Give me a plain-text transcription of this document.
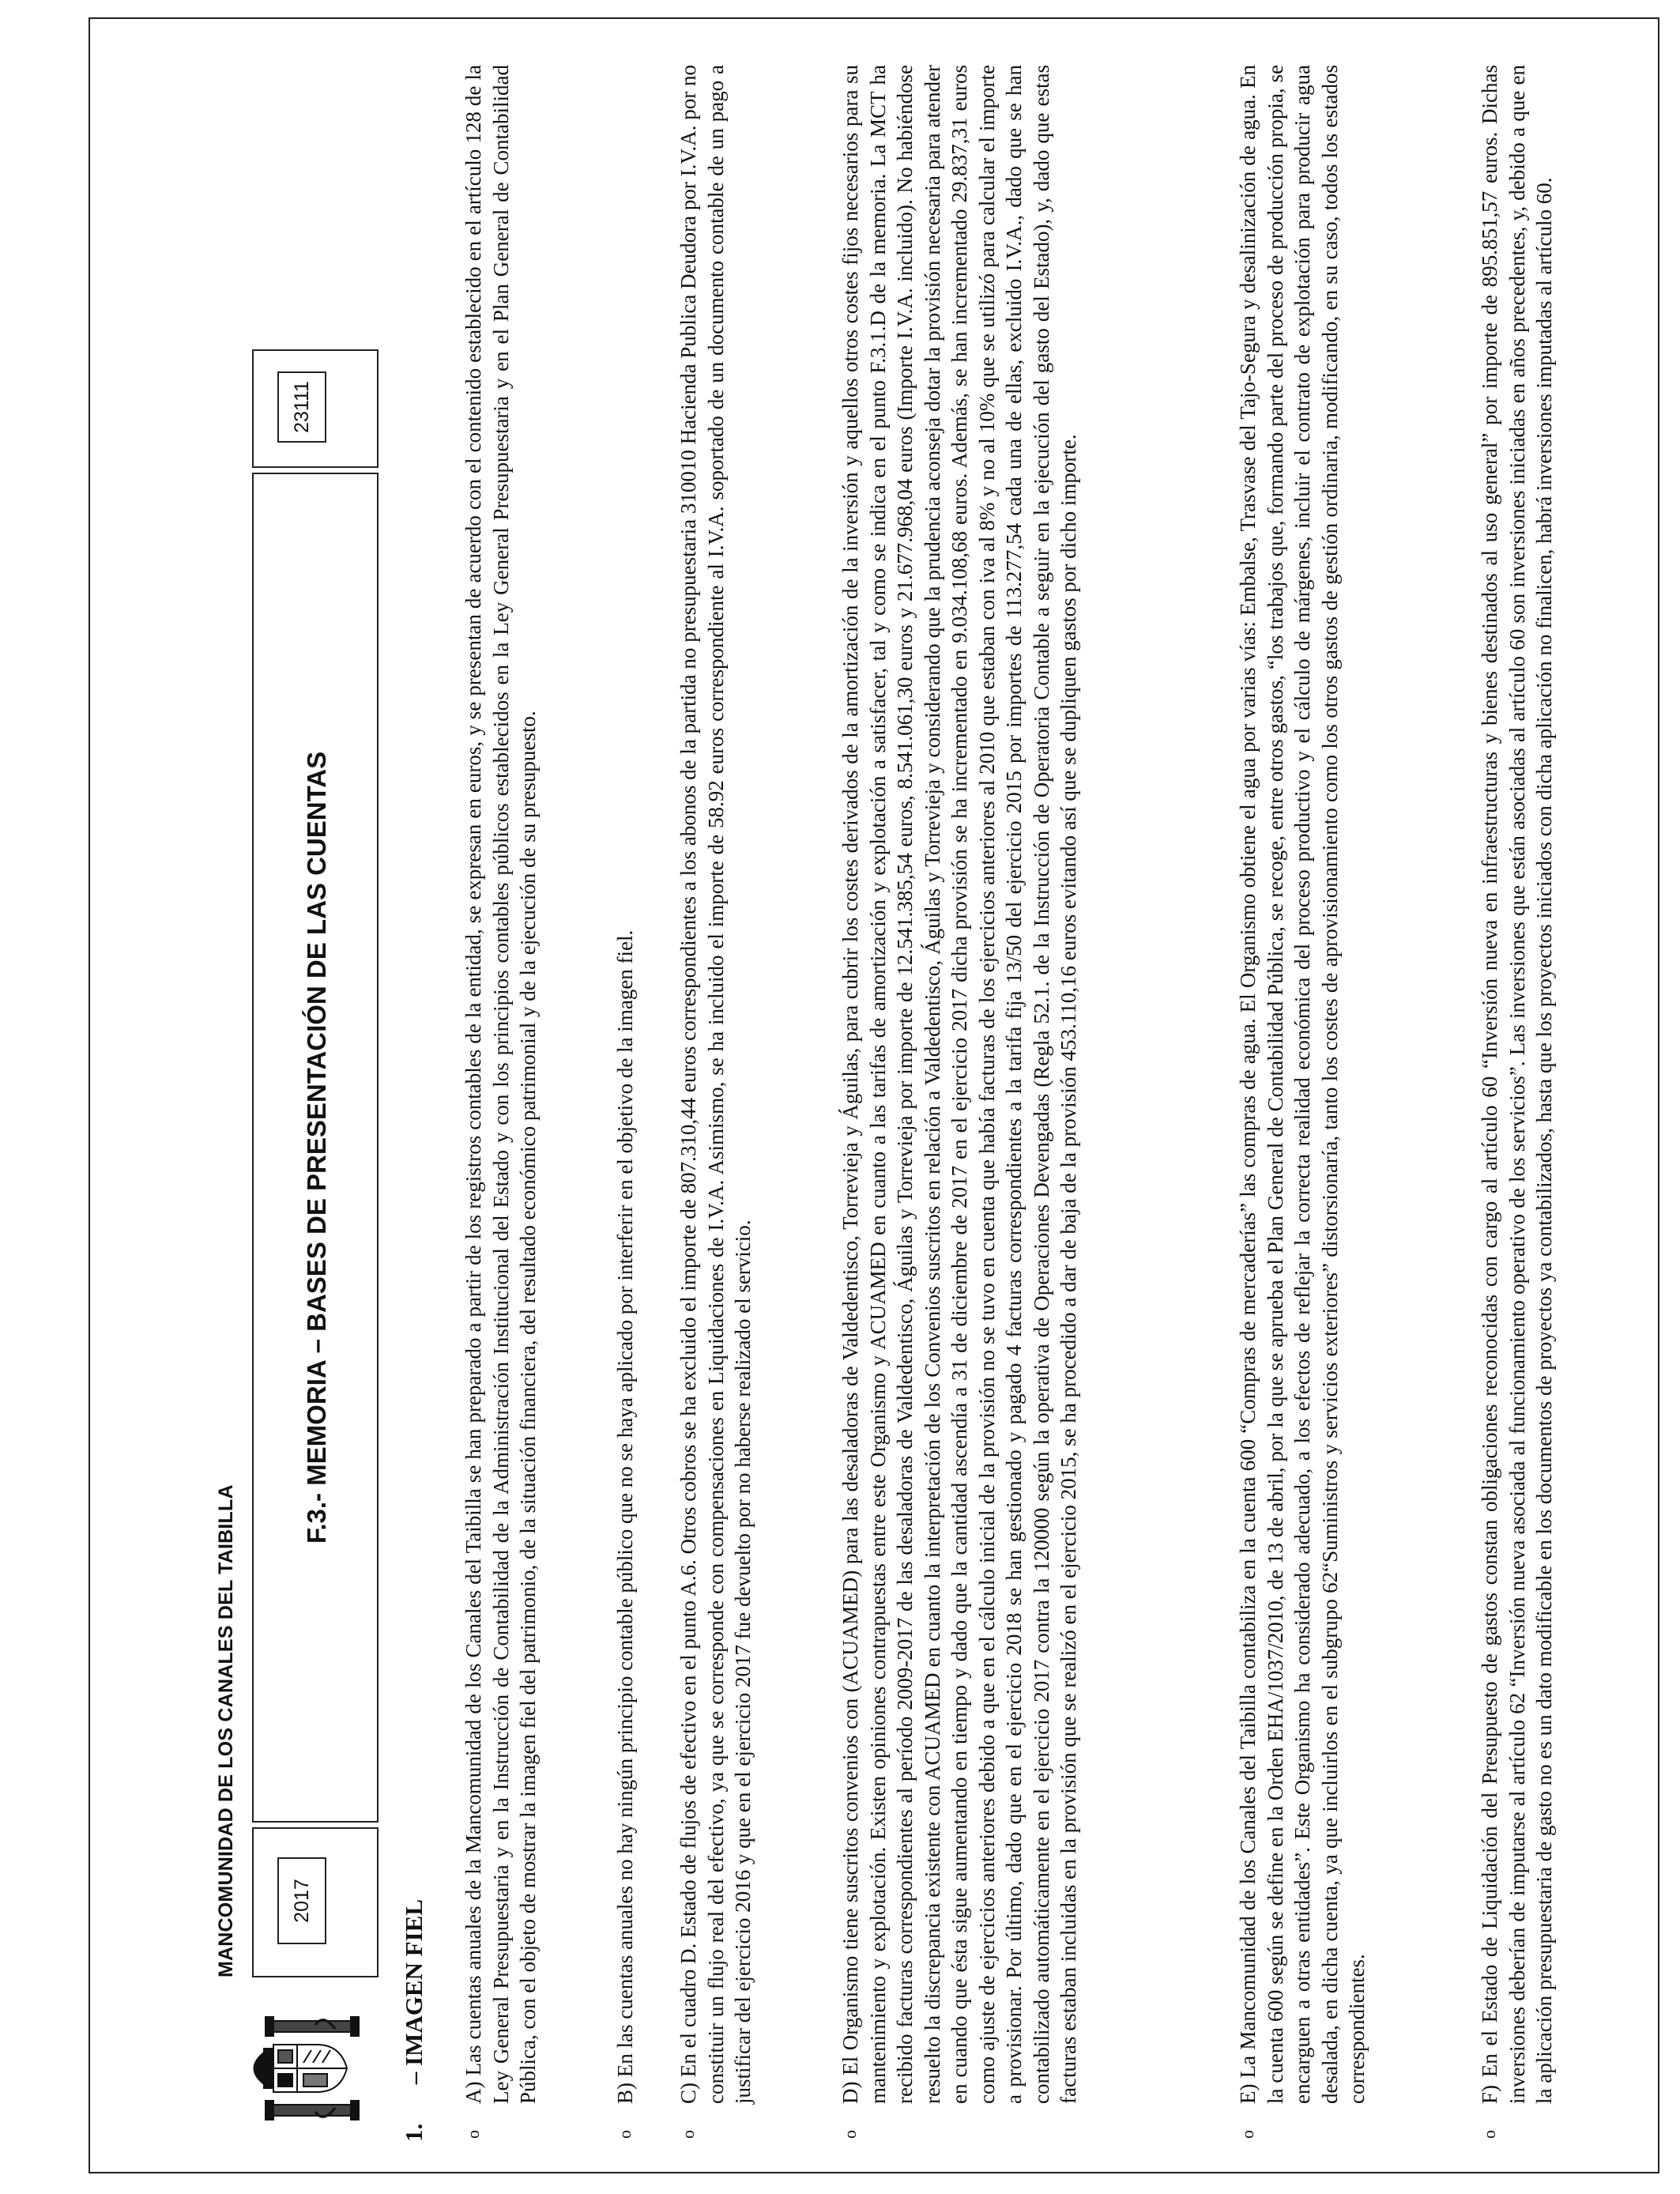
MANCOMUNIDAD DE LOS CANALES DEL TAIBILLA	2017
F.3.- MEMORIA – BASES DE PRESENTACIÓN DE LAS CUENTAS
23111
1.  – IMAGEN FIEL
o
A) Las cuentas anuales de la Mancomunidad de los Canales del Taibilla se han preparado a partir de los registros contables de la entidad, se expresan en euros, y se presentan de acuerdo con el contenido establecido en el artículo 128 de la Ley General Presupuestaria y en la Instrucción de Contabilidad de la Administración Institucional del Estado y con los principios contables públicos establecidos en la Ley General Presupuestaria y en el Plan General de Contabilidad Pública, con el objeto de mostrar la imagen fiel del patrimonio, de la situación financiera, del resultado económico patrimonial y de la ejecución de su presupuesto.
o
B) En las cuentas anuales no hay ningún principio contable público que no se haya aplicado por interferir en el objetivo de la imagen fiel.
o
C) En el cuadro D. Estado de flujos de efectivo en el punto A.6. Otros cobros se ha excluido el importe de 807.310,44 euros correspondientes a los abonos de la partida no presupuestaria 310010 Hacienda Publica Deudora por I.V.A. por no constituir un flujo real del efectivo, ya que se corresponde con compensaciones en Liquidaciones de I.V.A. Asimismo, se ha incluido el importe de 58.92 euros correspondiente al I.V.A. soportado de un documento contable de un pago a justificar del ejercicio 2016 y que en el ejercicio 2017 fue devuelto por no haberse realizado el servicio.
o
D) El Organismo tiene suscritos convenios con (ACUAMED) para las desaladoras de Valdedentisco, Torrevieja y Águilas, para cubrir los costes derivados de la amortización de la inversión y aquellos otros costes fijos necesarios para su mantenimiento y explotación. Existen opiniones contrapuestas entre este Organismo y ACUAMED en cuanto a las tarifas de amortización y explotación a satisfacer, tal y como se indica en el punto F.3.1.D de la memoria. La MCT ha recibido facturas correspondientes al período 2009-2017 de las desaladoras de Valdedentisco, Águilas y Torrevieja por importe de 12.541.385,54 euros, 8.541.061,30 euros y 21.677.968,04 euros (Importe I.V.A. incluido). No habiéndose resuelto la discrepancia existente con ACUAMED en cuanto la interpretación de los Convenios suscritos en relación a Valdedentisco, Águilas y Torrevieja y considerando que la prudencia aconseja dotar la provisión necesaria para atender en cuando que ésta sigue aumentando en tiempo y dado que la cantidad ascendía a 31 de diciembre de 2017 en el ejercicio 2017 dicha provisión se ha incrementado en 9.034.108,68 euros. Además, se han incrementado 29.837,31 euros como ajuste de ejercicios anteriores debido a que en el cálculo inicial de la provisión no se tuvo en cuenta que había facturas de los ejercicios anteriores al 2010 que estaban con iva al 8% y no al 10% que se utilizó para calcular el importe a provisionar. Por último, dado que en el ejercicio 2018 se han gestionado y pagado 4 facturas correspondientes a la tarifa fija 13/50 del ejercicio 2015 por importes de 113.277,54 cada una de ellas, excluido I.V.A., dado que se han contabilizado automáticamente en el ejercicio 2017 contra la 120000 según la operativa de Operaciones Devengadas (Regla 52.1. de la Instrucción de Operatoria Contable a seguir en la ejecución del gasto del Estado), y, dado que estas facturas estaban incluidas en la provisión que se realizó en el ejercicio 2015, se ha procedido a dar de baja de la provisión 453.110,16 euros evitando así que se dupliquen gastos por dicho importe.
o
E) La Mancomunidad de los Canales del Taibilla contabiliza en la cuenta 600 “Compras de mercaderías” las compras de agua. El Organismo obtiene el agua por varias vías: Embalse, Trasvase del Tajo-Segura y desalinización de agua. En la cuenta 600 según se define en la Orden EHA/1037/2010, de 13 de abril, por la que se aprueba el Plan General de Contabilidad Pública, se recoge, entre otros gastos, “los trabajos que, formando parte del proceso de producción propia, se encarguen a otras entidades”. Este Organismo ha considerado adecuado, a los efectos de reflejar la correcta realidad económica del proceso productivo y el cálculo de márgenes, incluir el contrato de explotación para producir agua desalada, en dicha cuenta, ya que incluirlos en el subgrupo 62“Suministros y servicios exteriores” distorsionaría, tanto los costes de aprovisionamiento como los otros gastos de gestión ordinaria, modificando, en su caso, todos los estados correspondientes.
o
F) En el Estado de Liquidación del Presupuesto de gastos constan obligaciones reconocidas con cargo al artículo 60 “Inversión nueva en infraestructuras y bienes destinados al uso general” por importe de 895.851,57 euros. Dichas inversiones deberían de imputarse al artículo 62 “Inversión nueva asociada al funcionamiento operativo de los servicios”. Las inversiones que están asociadas al artículo 60 son inversiones iniciadas en años precedentes, y, debido a que en la aplicación presupuestaria de gasto no es un dato modificable en los documentos de proyectos ya contabilizados, hasta que los proyectos iniciados con dicha aplicación no finalicen, habrá inversiones imputadas al artículo 60.
